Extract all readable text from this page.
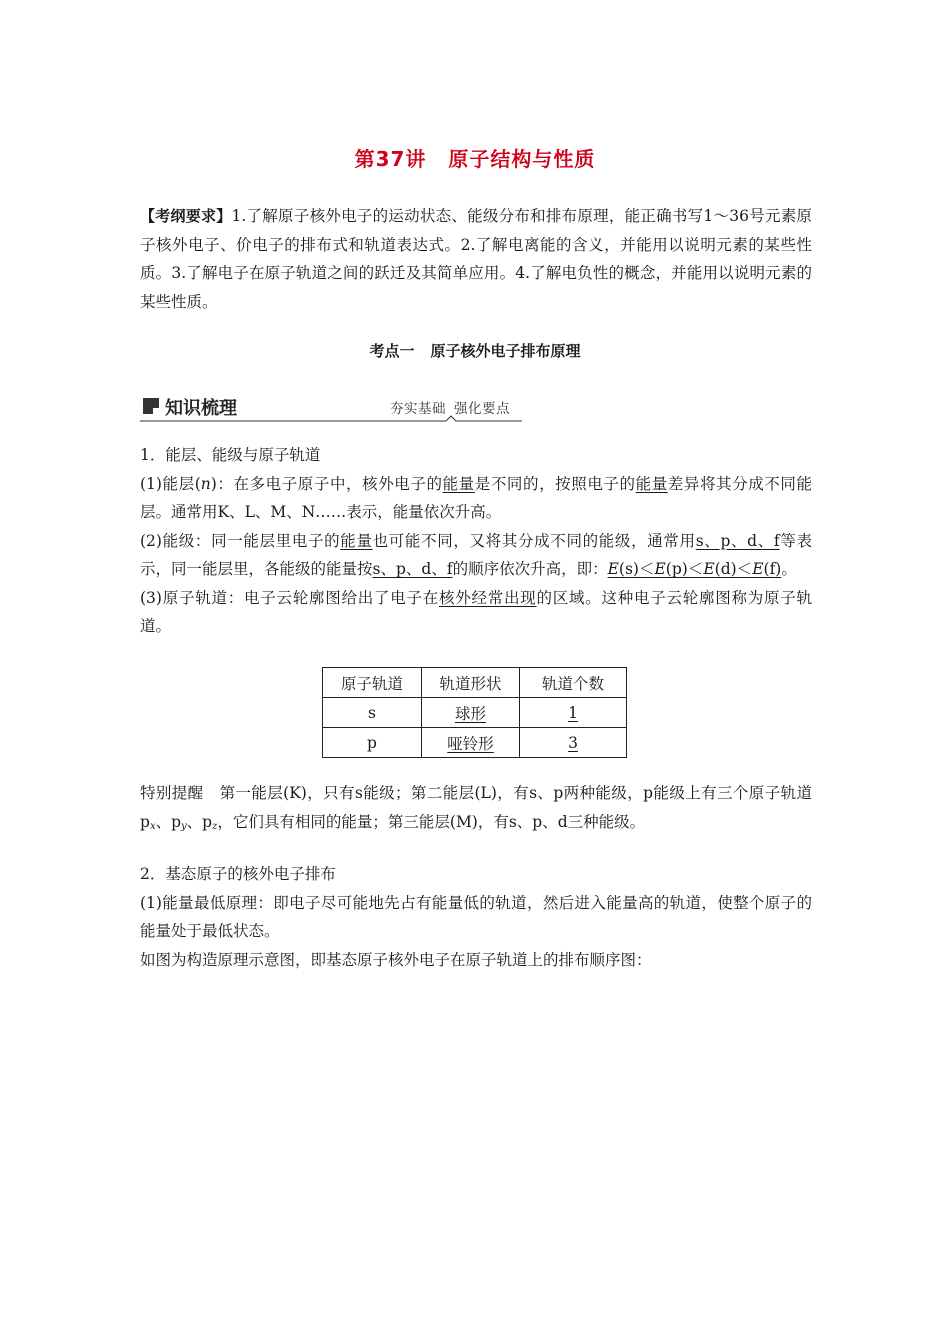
第37讲 原子结构与性质

【考纲要求】1.了解原子核外电子的运动状态、能级分布和排布原理，能正确书写1～36号元素原子核外电子、价电子的排布式和轨道表达式。2.了解电离能的含义，并能用以说明元素的某些性质。3.了解电子在原子轨道之间的跃迁及其简单应用。4.了解电负性的概念，并能用以说明元素的某些性质。

考点一 原子核外电子排布原理
知识梳理	夯实基础 强化要点
1．能层、能级与原子轨道
(1)能层(n)：在多电子原子中，核外电子的能量是不同的，按照电子的能量差异将其分成不同能层。通常用K、L、M、N……表示，能量依次升高。
(2)能级：同一能层里电子的能量也可能不同，又将其分成不同的能级，通常用s、p、d、f等表示，同一能层里，各能级的能量按s、p、d、f的顺序依次升高，即：E(s)＜E(p)＜E(d)＜E(f)。
(3)原子轨道：电子云轮廓图给出了电子在核外经常出现的区域。这种电子云轮廓图称为原子轨道。
原子轨道	轨道形状	轨道个数
s	球形	1
p	哑铃形	3

特别提醒 第一能层(K)，只有s能级；第二能层(L)，有s、p两种能级，p能级上有三个原子轨道$p_x$、$p_y$、$p_z$，它们具有相同的能量；第三能层(M)，有s、p、d三种能级。

2．基态原子的核外电子排布
(1)能量最低原理：即电子尽可能地先占有能量低的轨道，然后进入能量高的轨道，使整个原子的能量处于最低状态。
如图为构造原理示意图，即基态原子核外电子在原子轨道上的排布顺序图：
